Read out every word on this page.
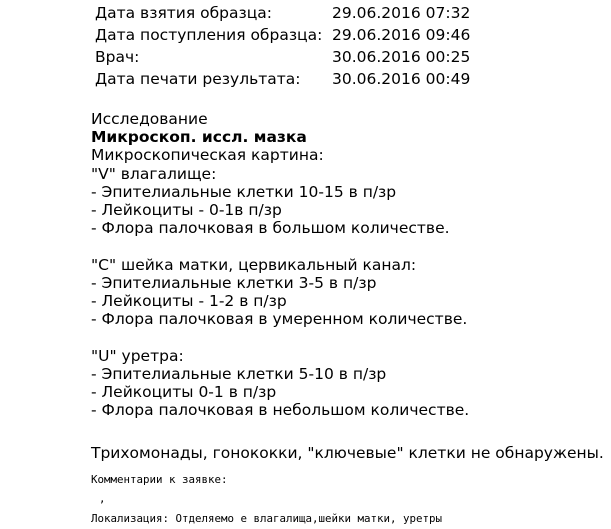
Дата взятия образца:	29.06.2016 07:32
Дата поступления образца: 29.06.2016 09:46
Врач:	30.06.2016 00:25
Дата печати результата: 30.06.2016 00:49

Исследование

Микроскоп. иссл. мазка

Микроскопическая картина:

"V" влагалище:

- Эпителиальные клетки 10-15 в п/зр

- Лейкоциты - 0-1в п/зр

- Флора палочковая в большом количестве.

"C" шейка матки, цервикальный канал:

- Эпителиальные клетки 3-5 в п/зр

- Лейкоциты - 1-2 в п/зр

- Флора палочковая в умеренном количестве.

"U" уретра:

- Эпителиальные клетки 5-10 в п/зр

- Лейкоциты 0-1 в п/зр

- Флора палочковая в небольшом количестве.

Трихомонады, гонококки, "ключевые" клетки не обнаружены.

Комментарии к заявке:
,
Локализация: Отделяемо е влагалища,шейки матки, уретры
